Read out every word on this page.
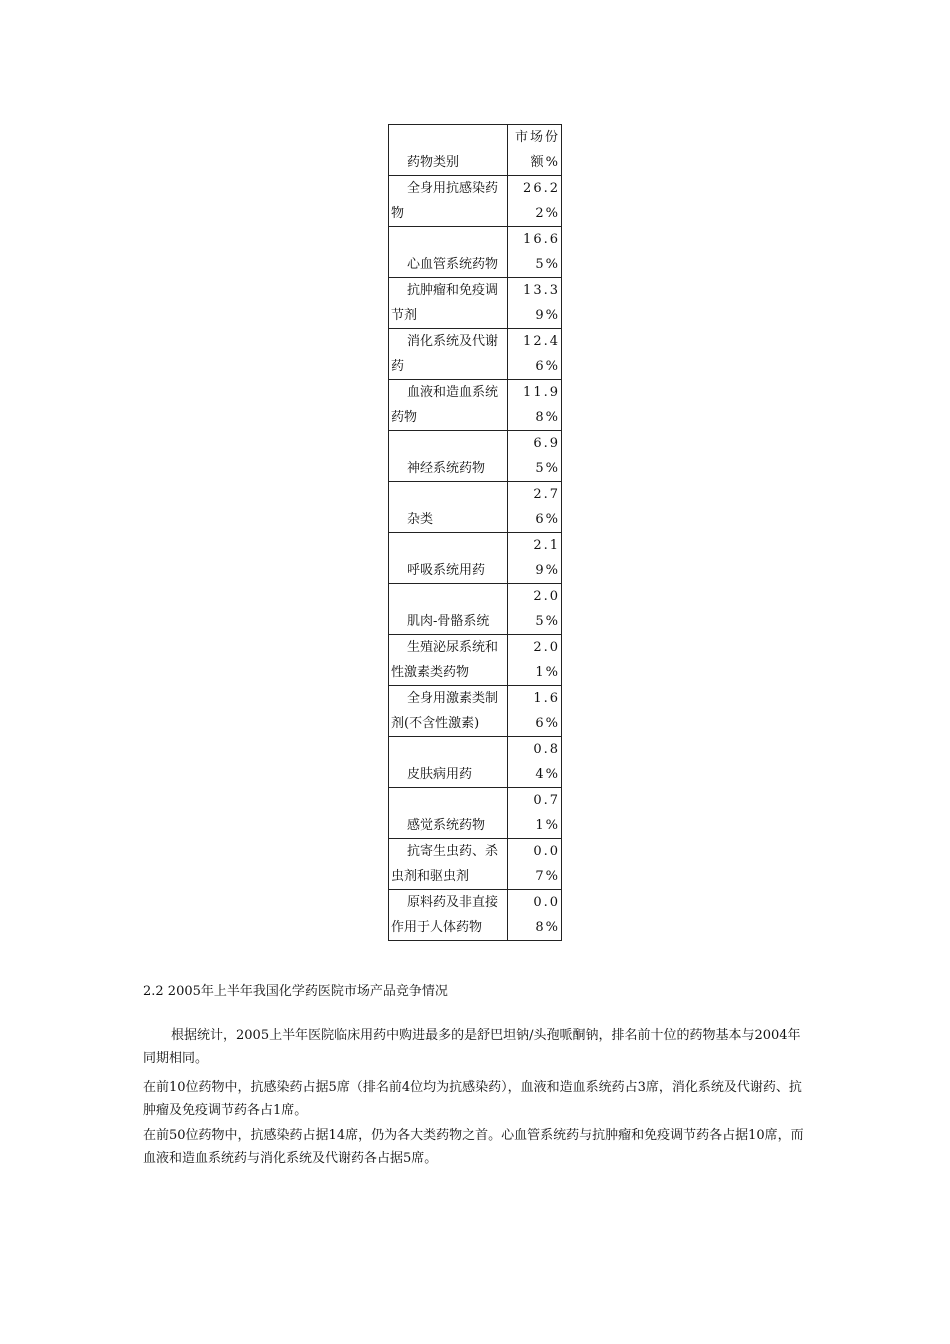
药物类别	市场份额%

全身用抗感染药物	26.22%

心血管系统药物	16.65%

抗肿瘤和免疫调节剂	13.39%

消化系统及代谢药	12.46%

血液和造血系统药物	11.98%

神经系统药物	6.95%

杂类	2.76%

呼吸系统用药	2.19%

肌肉-骨骼系统	2.05%

生殖泌尿系统和性激素类药物	2.01%

全身用激素类制剂(不含性激素)	1.66%

皮肤病用药	0.84%

感觉系统药物	0.71%

抗寄生虫药、杀虫剂和驱虫剂	0.07%

原料药及非直接作用于人体药物	0.08%
2.2 2005年上半年我国化学药医院市场产品竞争情况
根据统计，2005上半年医院临床用药中购进最多的是舒巴坦钠/头孢哌酮钠，排名前十位的药物基本与2004年同期相同。
在前10位药物中，抗感染药占据5席（排名前4位均为抗感染药），血液和造血系统药占3席，消化系统及代谢药、抗肿瘤及免疫调节药各占1席。
在前50位药物中，抗感染药占据14席，仍为各大类药物之首。心血管系统药与抗肿瘤和免疫调节药各占据10席，而血液和造血系统药与消化系统及代谢药各占据5席。
